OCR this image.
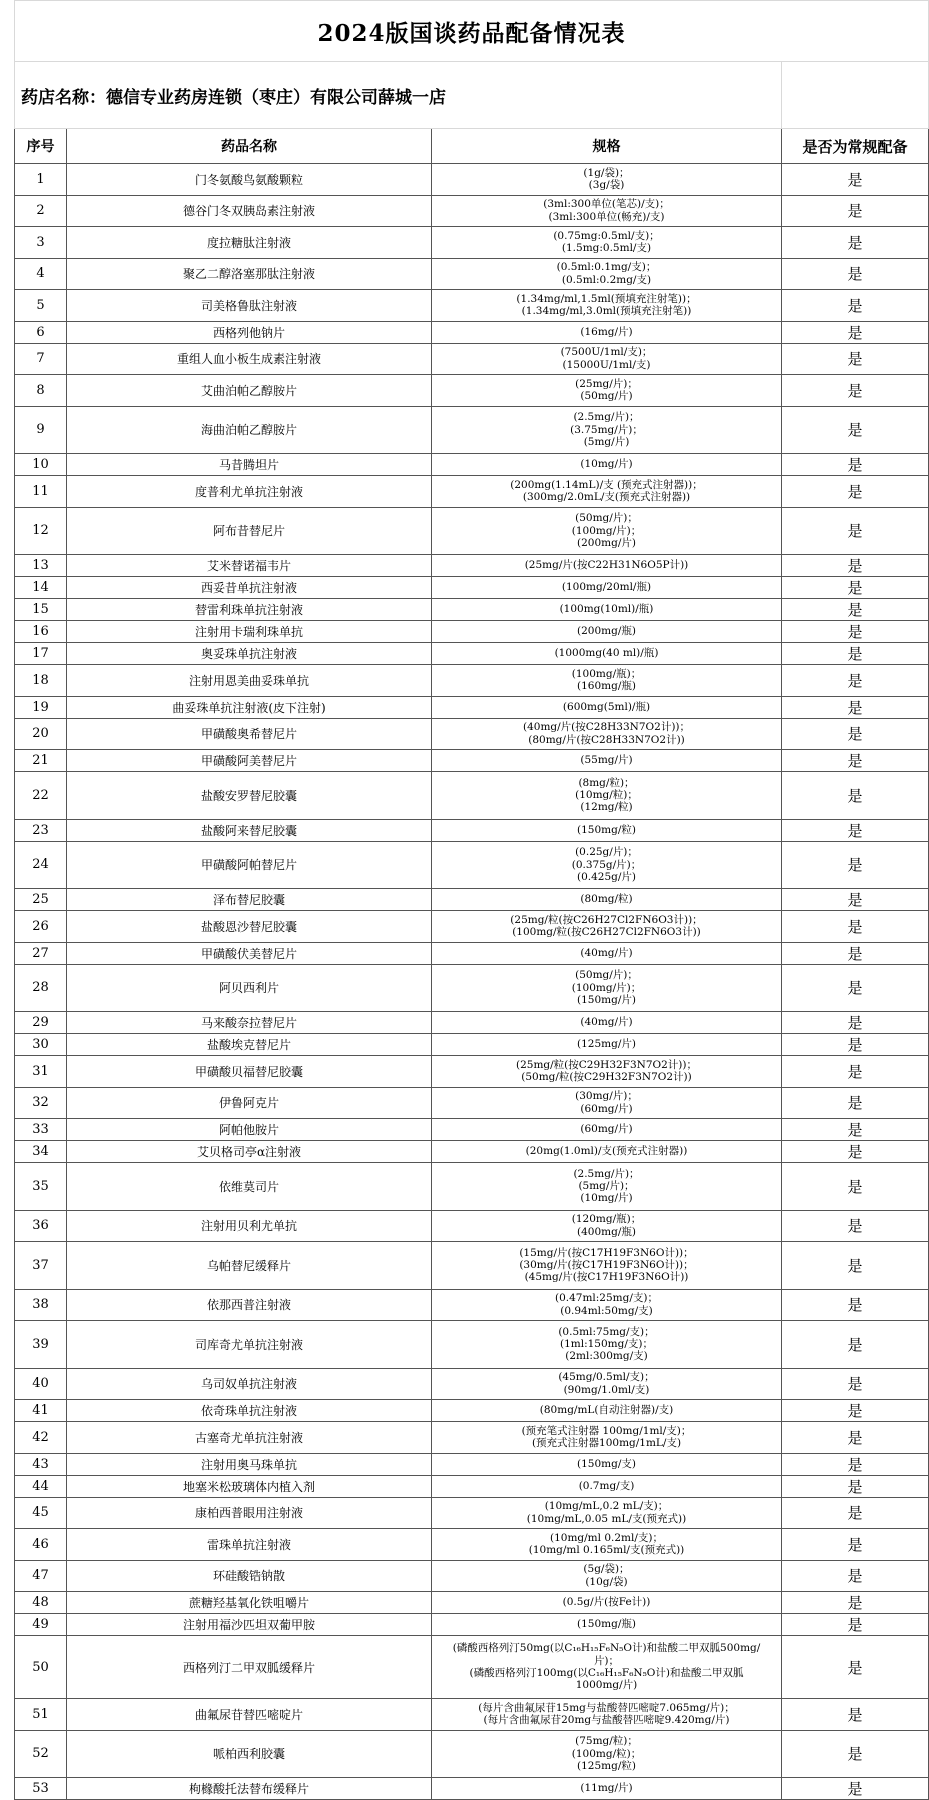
2024版国谈药品配备情况表			
药店名称：德信专业药房连锁（枣庄）有限公司薛城一店			
序号	药品名称	规格	是否为常规配备
1	门冬氨酸鸟氨酸颗粒	(1g/袋)；
(3g/袋)	是
2	德谷门冬双胰岛素注射液	(3ml:300单位(笔芯)/支)；
(3ml:300单位(畅充)/支)	是
3	度拉糖肽注射液	(0.75mg:0.5ml/支)；
(1.5mg:0.5ml/支)	是
4	聚乙二醇洛塞那肽注射液	(0.5ml:0.1mg/支)；
(0.5ml:0.2mg/支)	是
5	司美格鲁肽注射液	(1.34mg/ml,1.5ml(预填充注射笔))；
(1.34mg/ml,3.0ml(预填充注射笔))	是
6	西格列他钠片	(16mg/片)	是
7	重组人血小板生成素注射液	(7500U/1ml/支)；
(15000U/1ml/支)	是
8	艾曲泊帕乙醇胺片	(25mg/片)；
(50mg/片)	是
9	海曲泊帕乙醇胺片	(2.5mg/片)；
(3.75mg/片)；
(5mg/片)	是
10	马昔腾坦片	(10mg/片)	是
11	度普利尤单抗注射液	(200mg(1.14mL)/支 (预充式注射器))；
(300mg/2.0mL/支(预充式注射器))	是
12	阿布昔替尼片	(50mg/片)；
(100mg/片)；
(200mg/片)	是
13	艾米替诺福韦片	(25mg/片(按C22H31N6O5P计))	是
14	西妥昔单抗注射液	(100mg/20ml/瓶)	是
15	替雷利珠单抗注射液	(100mg(10ml)/瓶)	是
16	注射用卡瑞利珠单抗	(200mg/瓶)	是
17	奥妥珠单抗注射液	(1000mg(40 ml)/瓶)	是
18	注射用恩美曲妥珠单抗	(100mg/瓶)；
(160mg/瓶)	是
19	曲妥珠单抗注射液(皮下注射)	(600mg(5ml)/瓶)	是
20	甲磺酸奥希替尼片	(40mg/片(按C28H33N7O2计))；
(80mg/片(按C28H33N7O2计))	是
21	甲磺酸阿美替尼片	(55mg/片)	是
22	盐酸安罗替尼胶囊	(8mg/粒)；
(10mg/粒)；
(12mg/粒)	是
23	盐酸阿来替尼胶囊	(150mg/粒)	是
24	甲磺酸阿帕替尼片	(0.25g/片)；
(0.375g/片)；
(0.425g/片)	是
25	泽布替尼胶囊	(80mg/粒)	是
26	盐酸恩沙替尼胶囊	(25mg/粒(按C26H27Cl2FN6O3计))；
(100mg/粒(按C26H27Cl2FN6O3计))	是
27	甲磺酸伏美替尼片	(40mg/片)	是
28	阿贝西利片	(50mg/片)；
(100mg/片)；
(150mg/片)	是
29	马来酸奈拉替尼片	(40mg/片)	是
30	盐酸埃克替尼片	(125mg/片)	是
31	甲磺酸贝福替尼胶囊	(25mg/粒(按C29H32F3N7O2计))；
(50mg/粒(按C29H32F3N7O2计))	是
32	伊鲁阿克片	(30mg/片)；
(60mg/片)	是
33	阿帕他胺片	(60mg/片)	是
34	艾贝格司亭α注射液	(20mg(1.0ml)/支(预充式注射器))	是
35	依维莫司片	(2.5mg/片)；
(5mg/片)；
(10mg/片)	是
36	注射用贝利尤单抗	(120mg/瓶)；
(400mg/瓶)	是
37	乌帕替尼缓释片	(15mg/片(按C17H19F3N6O计))；
(30mg/片(按C17H19F3N6O计))；
(45mg/片(按C17H19F3N6O计))	是
38	依那西普注射液	(0.47ml:25mg/支)；
(0.94ml:50mg/支)	是
39	司库奇尤单抗注射液	(0.5ml:75mg/支)；
(1ml:150mg/支)；
(2ml:300mg/支)	是
40	乌司奴单抗注射液	(45mg/0.5ml/支)；
(90mg/1.0ml/支)	是
41	依奇珠单抗注射液	(80mg/mL(自动注射器)/支)	是
42	古塞奇尤单抗注射液	(预充笔式注射器 100mg/1ml/支)；
(预充式注射器100mg/1mL/支)	是
43	注射用奥马珠单抗	(150mg/支)	是
44	地塞米松玻璃体内植入剂	(0.7mg/支)	是
45	康柏西普眼用注射液	(10mg/mL,0.2 mL/支)；
(10mg/mL,0.05 mL/支(预充式))	是
46	雷珠单抗注射液	(10mg/ml 0.2ml/支)；
(10mg/ml 0.165ml/支(预充式))	是
47	环硅酸锆钠散	(5g/袋)；
(10g/袋)	是
48	蔗糖羟基氧化铁咀嚼片	(0.5g/片(按Fe计))	是
49	注射用福沙匹坦双葡甲胺	(150mg/瓶)	是
50	西格列汀二甲双胍缓释片	(磷酸西格列汀50mg(以C₁₆H₁₅F₆N₅O计)和盐酸二甲双胍500mg/
片)；
(磷酸西格列汀100mg(以C₁₆H₁₅F₆N₅O计)和盐酸二甲双胍
1000mg/片)	是
51	曲氟尿苷替匹嘧啶片	(每片含曲氟尿苷15mg与盐酸替匹嘧啶7.065mg/片)；
(每片含曲氟尿苷20mg与盐酸替匹嘧啶9.420mg/片)	是
52	哌柏西利胶囊	(75mg/粒)；
(100mg/粒)；
(125mg/粒)	是
53	枸橼酸托法替布缓释片	(11mg/片)	是
